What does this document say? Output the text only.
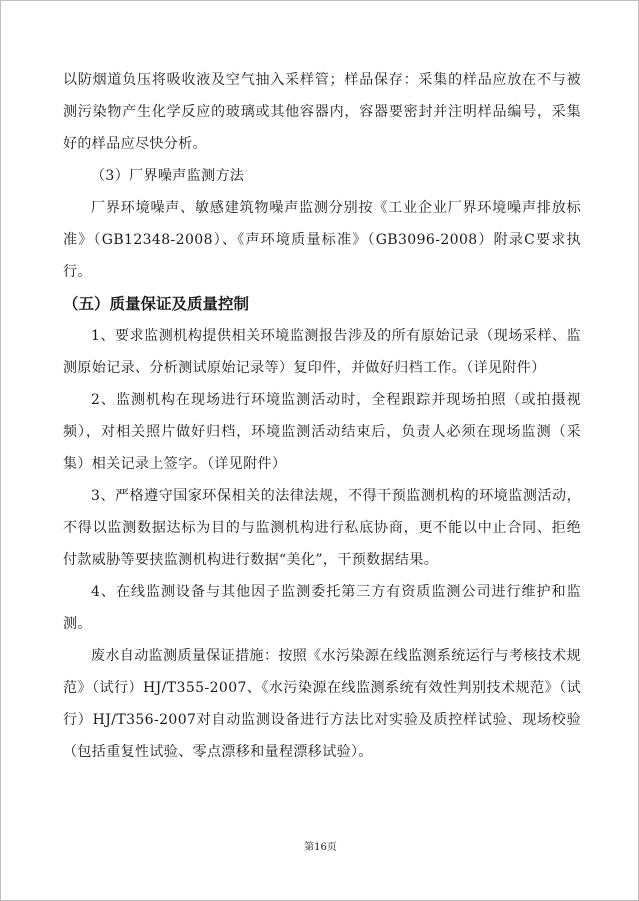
以防烟道负压将吸收液及空气抽入采样管；样品保存：采集的样品应放在不与被测污染物产生化学反应的玻璃或其他容器内，容器要密封并注明样品编号，采集好的样品应尽快分析。

（3）厂界噪声监测方法

厂界环境噪声、敏感建筑物噪声监测分别按《工业企业厂界环境噪声排放标准》（GB12348-2008）、《声环境质量标准》（GB3096-2008）附录C要求执行。

（五）质量保证及质量控制

1、要求监测机构提供相关环境监测报告涉及的所有原始记录（现场采样、监测原始记录、分析测试原始记录等）复印件，并做好归档工作。（详见附件）

2、监测机构在现场进行环境监测活动时，全程跟踪并现场拍照（或拍摄视频），对相关照片做好归档，环境监测活动结束后，负责人必须在现场监测（采集）相关记录上签字。（详见附件）

3、严格遵守国家环保相关的法律法规，不得干预监测机构的环境监测活动，不得以监测数据达标为目的与监测机构进行私底协商，更不能以中止合同、拒绝付款威胁等要挟监测机构进行数据“美化”，干预数据结果。

4、在线监测设备与其他因子监测委托第三方有资质监测公司进行维护和监测。

废水自动监测质量保证措施：按照《水污染源在线监测系统运行与考核技术规范》（试行）HJ/T355-2007、《水污染源在线监测系统有效性判别技术规范》（试行）HJ/T356-2007对自动监测设备进行方法比对实验及质控样试验、现场校验（包括重复性试验、零点漂移和量程漂移试验）。

第16页
